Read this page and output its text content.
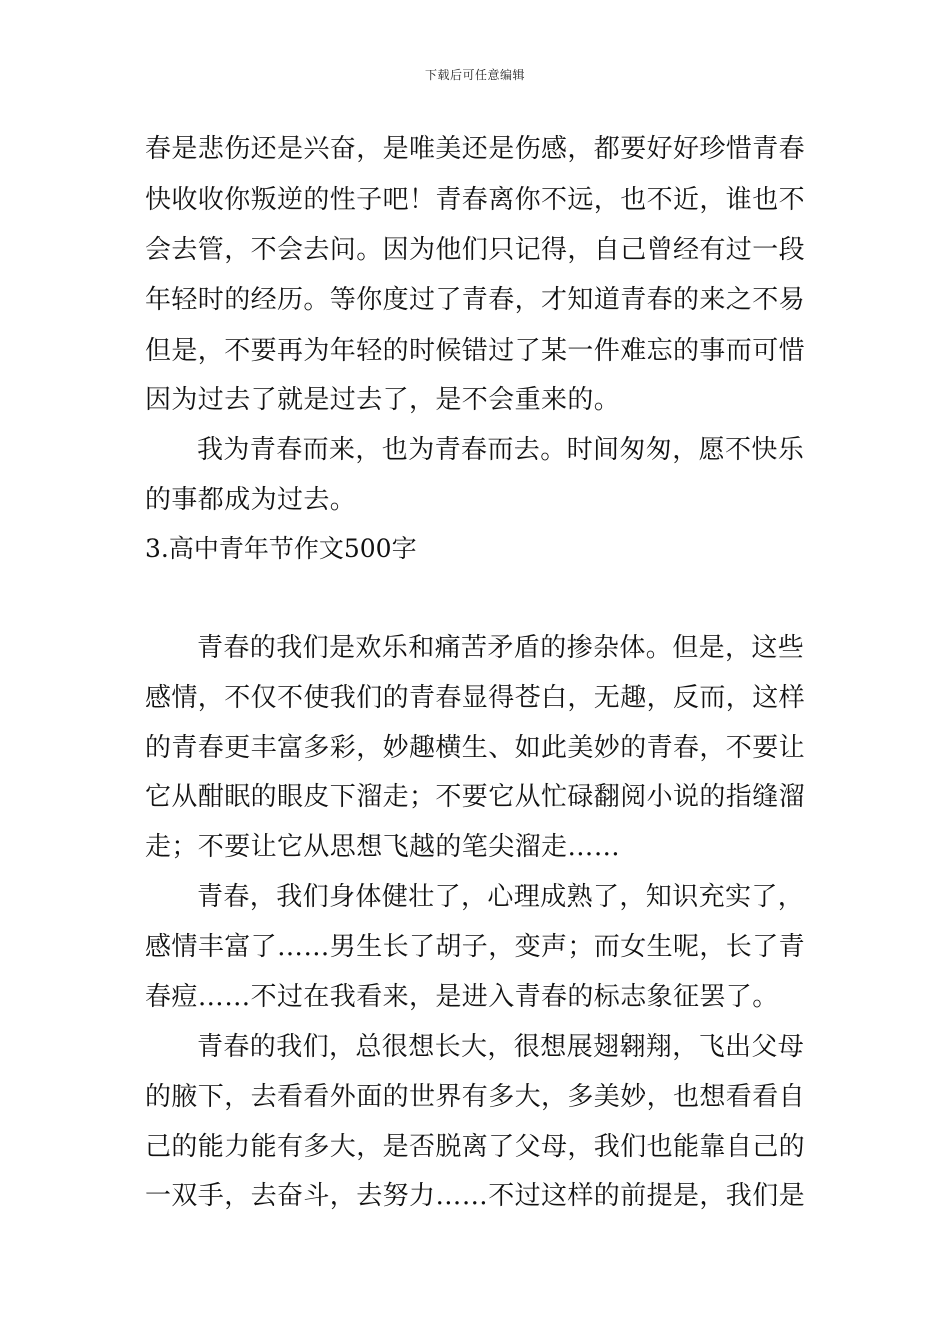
下载后可任意编辑
春是悲伤还是兴奋，是唯美还是伤感，都要好好珍惜青春
快收收你叛逆的性子吧！青春离你不远，也不近，谁也不
会去管，不会去问。因为他们只记得，自己曾经有过一段
年轻时的经历。等你度过了青春，才知道青春的来之不易
但是，不要再为年轻的时候错过了某一件难忘的事而可惜
因为过去了就是过去了，是不会重来的。
我为青春而来，也为青春而去。时间匆匆，愿不快乐
的事都成为过去。
3.高中青年节作文500字
青春的我们是欢乐和痛苦矛盾的掺杂体。但是，这些
感情，不仅不使我们的青春显得苍白，无趣，反而，这样
的青春更丰富多彩，妙趣横生、如此美妙的青春，不要让
它从酣眠的眼皮下溜走；不要它从忙碌翻阅小说的指缝溜
走；不要让它从思想飞越的笔尖溜走……
青春，我们身体健壮了，心理成熟了，知识充实了，
感情丰富了……男生长了胡子，变声；而女生呢，长了青
春痘……不过在我看来，是进入青春的标志象征罢了。
青春的我们，总很想长大，很想展翅翱翔，飞出父母
的腋下，去看看外面的世界有多大，多美妙，也想看看自
己的能力能有多大，是否脱离了父母，我们也能靠自己的
一双手，去奋斗，去努力……不过这样的前提是，我们是
